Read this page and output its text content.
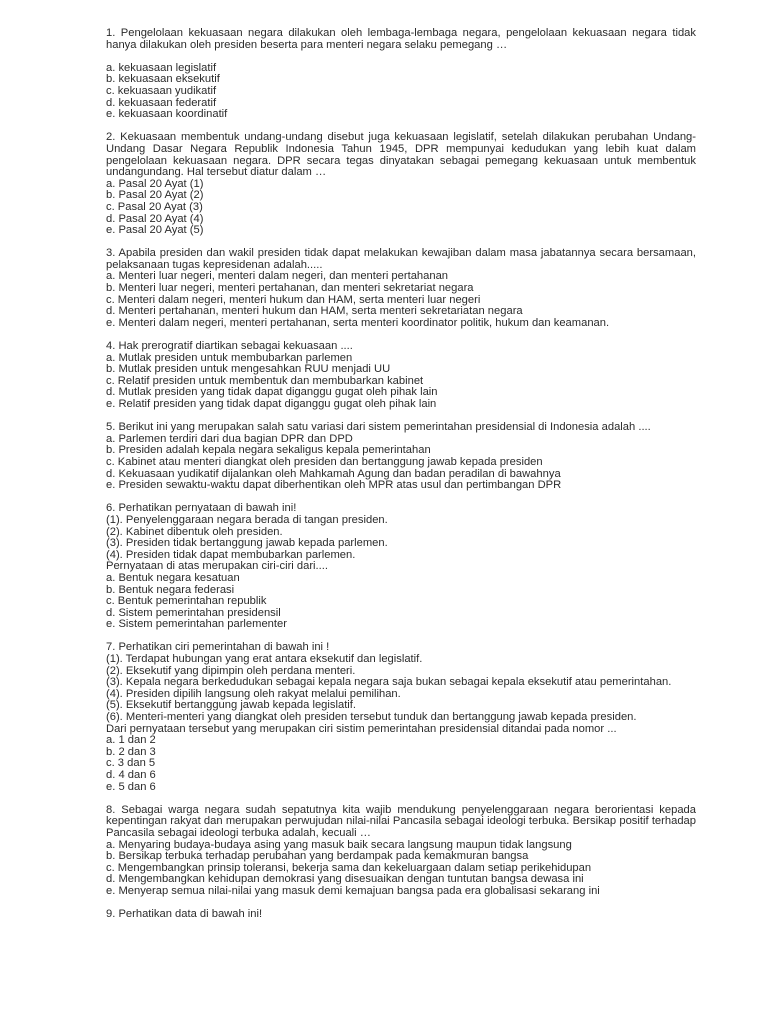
1. Pengelolaan kekuasaan negara dilakukan oleh lembaga-lembaga negara, pengelolaan kekuasaan negara tidak hanya dilakukan oleh presiden beserta para menteri negara selaku pemegang …

a. kekuasaan legislatif
b. kekuasaan eksekutif
c. kekuasaan yudikatif
d. kekuasaan federatif
e. kekuasaan koordinatif

2. Kekuasaan membentuk undang-undang disebut juga kekuasaan legislatif, setelah dilakukan perubahan Undang-Undang Dasar Negara Republik Indonesia Tahun 1945, DPR mempunyai kedudukan yang lebih kuat dalam pengelolaan kekuasaan negara. DPR secara tegas dinyatakan sebagai pemegang kekuasaan untuk membentuk undangundang. Hal tersebut diatur dalam …

a. Pasal 20 Ayat (1)
b. Pasal 20 Ayat (2)
c. Pasal 20 Ayat (3)
d. Pasal 20 Ayat (4)
e. Pasal 20 Ayat (5)

3. Apabila presiden dan wakil presiden tidak dapat melakukan kewajiban dalam masa jabatannya secara bersamaan, pelaksanaan tugas kepresidenan adalah.....

a. Menteri luar negeri, menteri dalam negeri, dan menteri pertahanan
b. Menteri luar negeri, menteri pertahanan, dan menteri sekretariat negara
c. Menteri dalam negeri, menteri hukum dan HAM, serta menteri luar negeri
d. Menteri pertahanan, menteri hukum dan HAM, serta menteri sekretariatan negara
e. Menteri dalam negeri, menteri pertahanan, serta menteri koordinator politik, hukum dan keamanan.

4. Hak prerogratif diartikan sebagai kekuasaan ....

a. Mutlak presiden untuk membubarkan parlemen
b. Mutlak presiden untuk mengesahkan RUU menjadi UU
c. Relatif presiden untuk membentuk dan membubarkan kabinet
d. Mutlak presiden yang tidak dapat diganggu gugat oleh pihak lain
e. Relatif presiden yang tidak dapat diganggu gugat oleh pihak lain

5. Berikut ini yang merupakan salah satu variasi dari sistem pemerintahan presidensial di Indonesia adalah ....

a. Parlemen terdiri dari dua bagian DPR dan DPD
b. Presiden adalah kepala negara sekaligus kepala pemerintahan
c. Kabinet atau menteri diangkat oleh presiden dan bertanggung jawab kepada presiden
d. Kekuasaan yudikatif dijalankan oleh Mahkamah Agung dan badan peradilan di bawahnya
e. Presiden sewaktu-waktu dapat diberhentikan oleh MPR atas usul dan pertimbangan DPR

6. Perhatikan pernyataan di bawah ini!

(1). Penyelenggaraan negara berada di tangan presiden.

(2). Kabinet dibentuk oleh presiden.

(3). Presiden tidak bertanggung jawab kepada parlemen.

(4). Presiden tidak dapat membubarkan parlemen.

Pernyataan di atas merupakan ciri-ciri dari....

a. Bentuk negara kesatuan
b. Bentuk negara federasi
c. Bentuk pemerintahan republik
d. Sistem pemerintahan presidensil
e. Sistem pemerintahan parlementer

7. Perhatikan ciri pemerintahan di bawah ini !

(1). Terdapat hubungan yang erat antara eksekutif dan legislatif.

(2). Eksekutif yang dipimpin oleh perdana menteri.

(3). Kepala negara berkedudukan sebagai kepala negara saja bukan sebagai kepala eksekutif atau pemerintahan.

(4). Presiden dipilih langsung oleh rakyat melalui pemilihan.

(5). Eksekutif bertanggung jawab kepada legislatif.

(6). Menteri-menteri yang diangkat oleh presiden tersebut tunduk dan bertanggung jawab kepada presiden.

Dari pernyataan tersebut yang merupakan ciri sistim pemerintahan presidensial ditandai pada nomor ...

a. 1 dan 2
b. 2 dan 3
c. 3 dan 5
d. 4 dan 6
e. 5 dan 6

8. Sebagai warga negara sudah sepatutnya kita wajib mendukung penyelenggaraan negara berorientasi kepada kepentingan rakyat dan merupakan perwujudan nilai-nilai Pancasila sebagai ideologi terbuka. Bersikap positif terhadap Pancasila sebagai ideologi terbuka adalah, kecuali …

a. Menyaring budaya-budaya asing yang masuk baik secara langsung maupun tidak langsung
b. Bersikap terbuka terhadap perubahan yang berdampak pada kemakmuran bangsa
c. Mengembangkan prinsip toleransi, bekerja sama dan kekeluargaan dalam setiap perikehidupan
d. Mengembangkan kehidupan demokrasi yang disesuaikan dengan tuntutan bangsa dewasa ini
e. Menyerap semua nilai-nilai yang masuk demi kemajuan bangsa pada era globalisasi sekarang ini

9. Perhatikan data di bawah ini!
